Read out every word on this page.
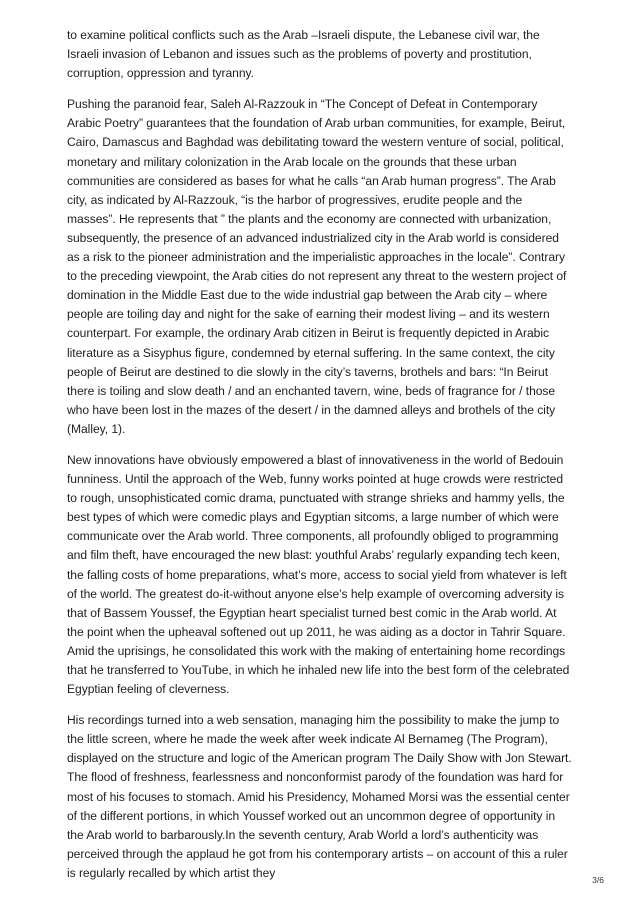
to examine political conflicts such as the Arab –Israeli dispute, the Lebanese civil war, the Israeli invasion of Lebanon and issues such as the problems of poverty and prostitution, corruption, oppression and tyranny.

Pushing the paranoid fear, Saleh Al-Razzouk in “The Concept of Defeat in Contemporary Arabic Poetry” guarantees that the foundation of Arab urban communities, for example, Beirut, Cairo, Damascus and Baghdad was debilitating toward the western venture of social, political, monetary and military colonization in the Arab locale on the grounds that these urban communities are considered as bases for what he calls “an Arab human progress”. The Arab city, as indicated by Al-Razzouk, “is the harbor of progressives, erudite people and the masses”. He represents that ” the plants and the economy are connected with urbanization, subsequently, the presence of an advanced industrialized city in the Arab world is considered as a risk to the pioneer administration and the imperialistic approaches in the locale”. Contrary to the preceding viewpoint, the Arab cities do not represent any threat to the western project of domination in the Middle East due to the wide industrial gap between the Arab city – where people are toiling day and night for the sake of earning their modest living – and its western counterpart. For example, the ordinary Arab citizen in Beirut is frequently depicted in Arabic literature as a Sisyphus figure, condemned by eternal suffering. In the same context, the city people of Beirut are destined to die slowly in the city’s taverns, brothels and bars: “In Beirut there is toiling and slow death / and an enchanted tavern, wine, beds of fragrance for / those who have been lost in the mazes of the desert / in the damned alleys and brothels of the city (Malley, 1).

New innovations have obviously empowered a blast of innovativeness in the world of Bedouin funniness. Until the approach of the Web, funny works pointed at huge crowds were restricted to rough, unsophisticated comic drama, punctuated with strange shrieks and hammy yells, the best types of which were comedic plays and Egyptian sitcoms, a large number of which were communicate over the Arab world. Three components, all profoundly obliged to programming and film theft, have encouraged the new blast: youthful Arabs’ regularly expanding tech keen, the falling costs of home preparations, what’s more, access to social yield from whatever is left of the world. The greatest do-it-without anyone else’s help example of overcoming adversity is that of Bassem Youssef, the Egyptian heart specialist turned best comic in the Arab world. At the point when the upheaval softened out up 2011, he was aiding as a doctor in Tahrir Square. Amid the uprisings, he consolidated this work with the making of entertaining home recordings that he transferred to YouTube, in which he inhaled new life into the best form of the celebrated Egyptian feeling of cleverness.

His recordings turned into a web sensation, managing him the possibility to make the jump to the little screen, where he made the week after week indicate Al Bernameg (The Program), displayed on the structure and logic of the American program The Daily Show with Jon Stewart. The flood of freshness, fearlessness and nonconformist parody of the foundation was hard for most of his focuses to stomach. Amid his Presidency, Mohamed Morsi was the essential center of the different portions, in which Youssef worked out an uncommon degree of opportunity in the Arab world to barbarously.In the seventh century, Arab World a lord’s authenticity was perceived through the applaud he got from his contemporary artists – on account of this a ruler is regularly recalled by which artist they

3/6
